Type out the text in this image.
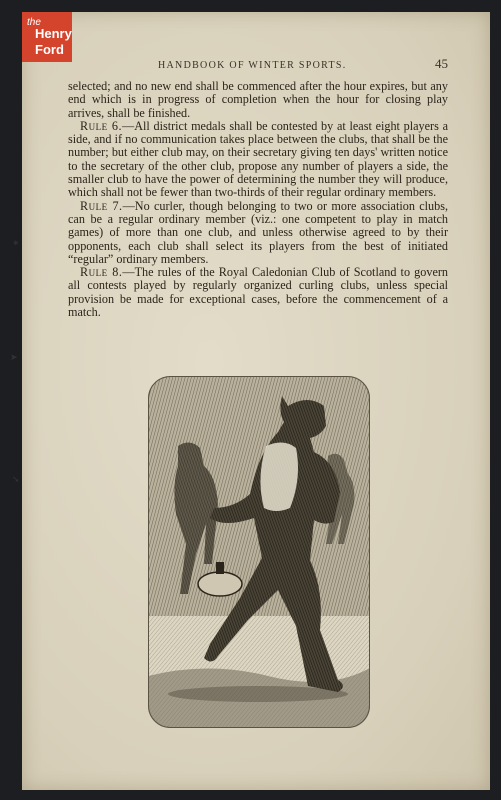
the
Henry
Ford
HANDBOOK OF WINTER SPORTS.	45

selected; and no new end shall be commenced after the hour expires, but any end which is in progress of completion when the hour for closing play arrives, shall be finished.

Rule 6.—All district medals shall be contested by at least eight players a side, and if no communication takes place between the clubs, that shall be the number; but either club may, on their secretary giving ten days' written notice to the secretary of the other club, propose any number of players a side, the smaller club to have the power of determining the number they will produce, which shall not be fewer than two-thirds of their regular ordinary members.

Rule 7.—No curler, though belonging to two or more association clubs, can be a regular ordinary member (viz.: one competent to play in match games) of more than one club, and unless otherwise agreed to by their opponents, each club shall select its players from the best of initiated “regular” ordinary members.

Rule 8.—The rules of the Royal Caledonian Club of Scotland to govern all contests played by regularly organized curling clubs, unless special provision be made for exceptional cases, before the commencement of a match.

✶
➤
➘
